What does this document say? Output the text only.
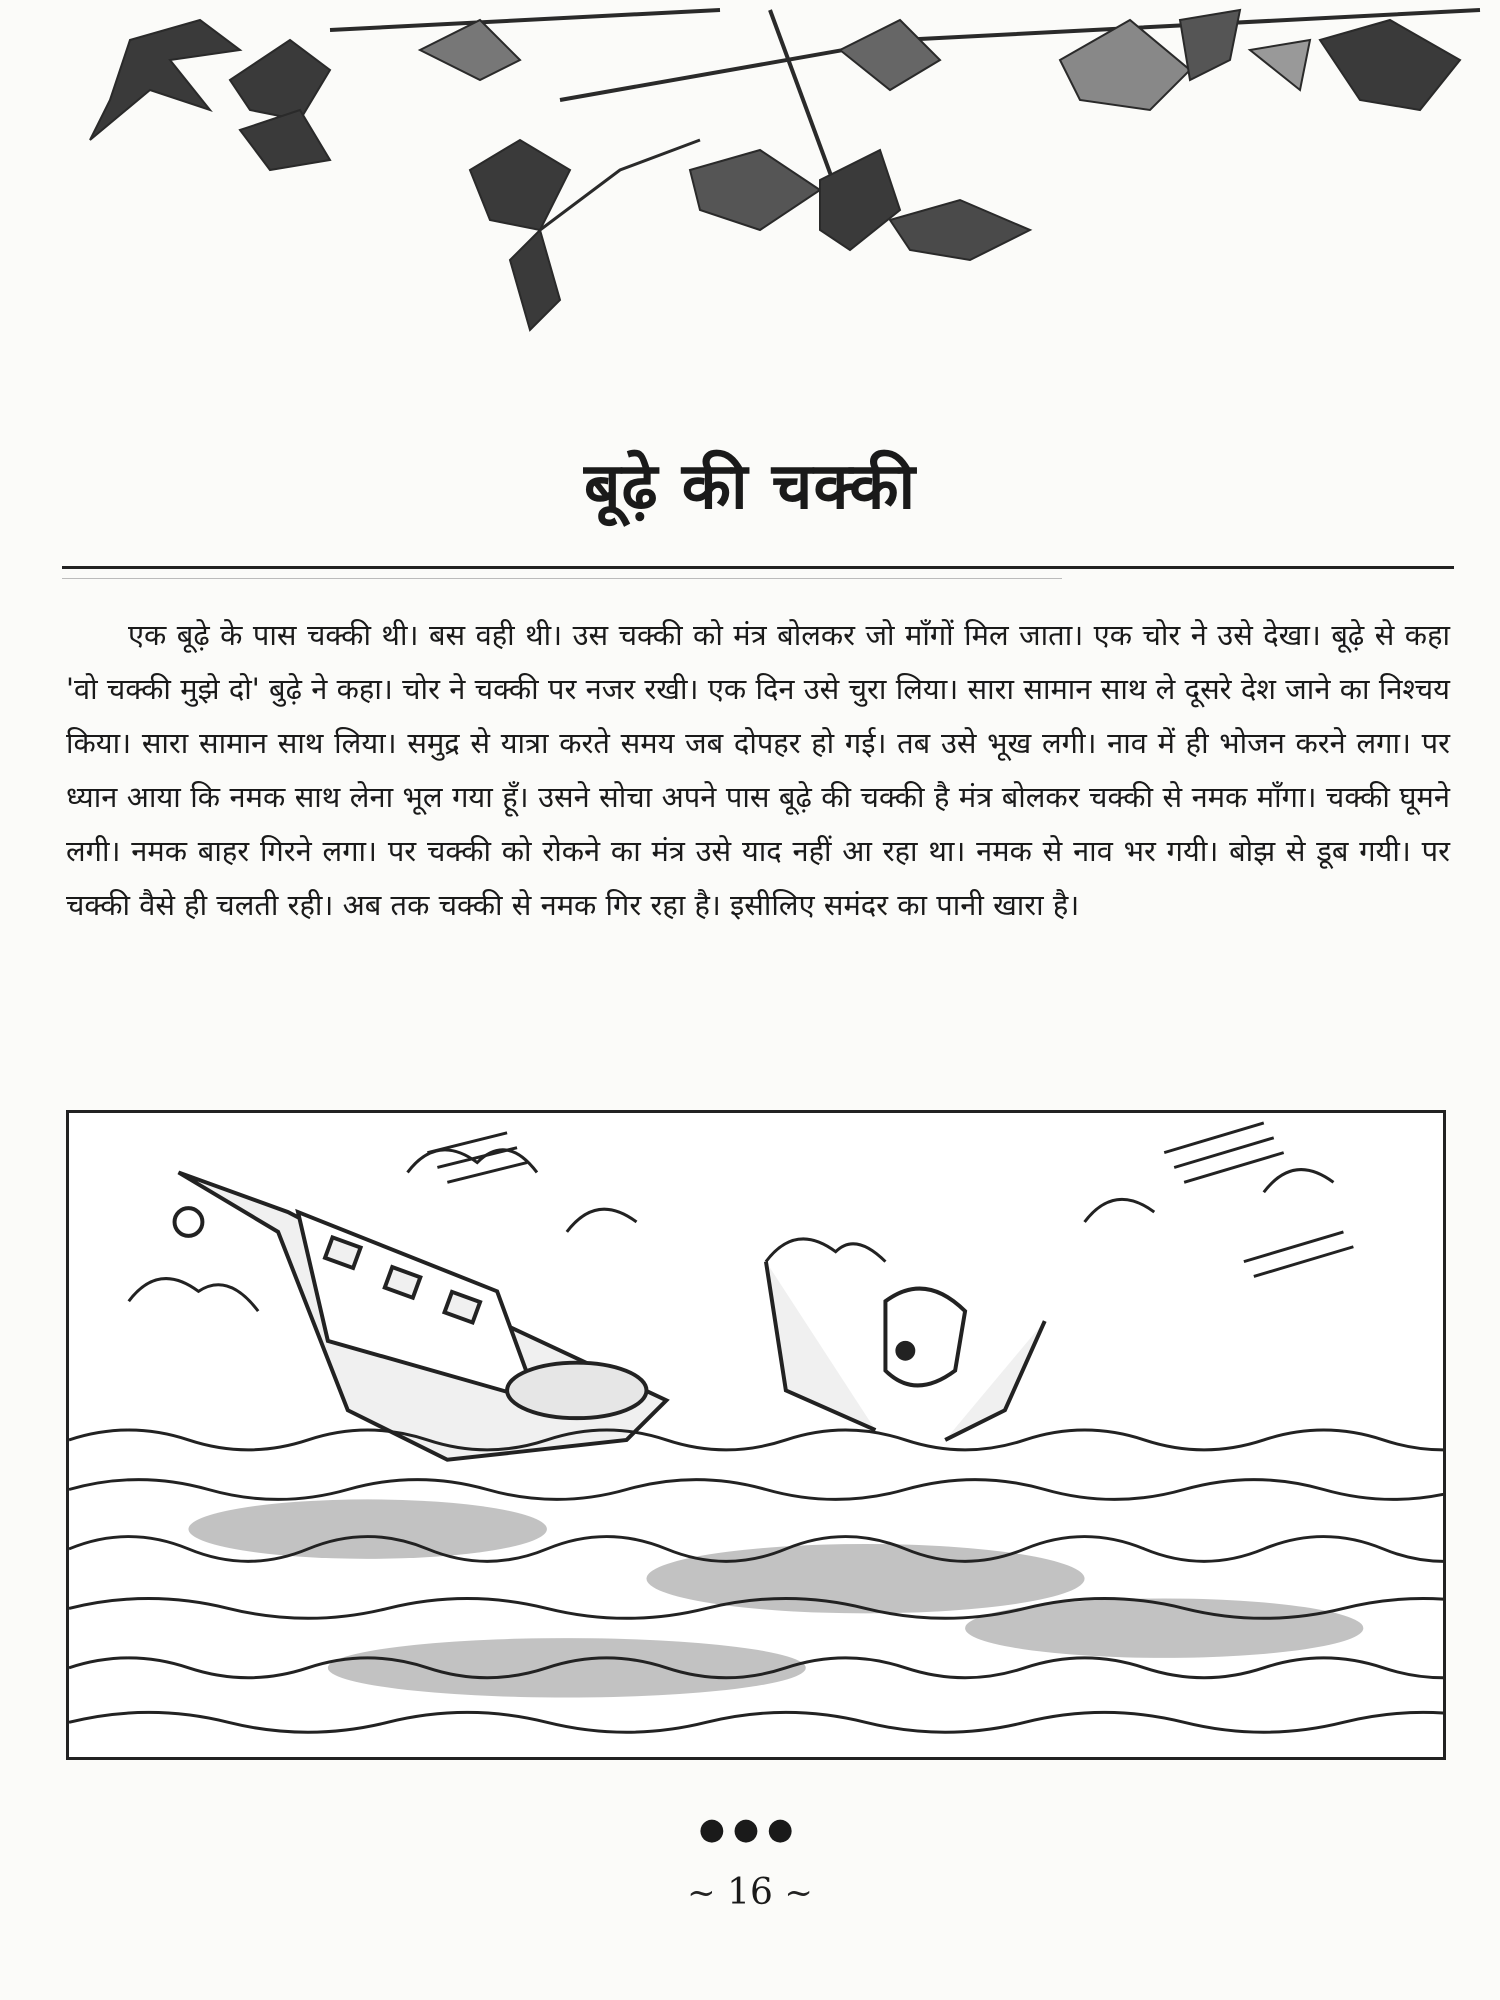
बूढ़े की चक्की

एक बूढ़े के पास चक्की थी। बस वही थी। उस चक्की को मंत्र बोलकर जो माँगों मिल जाता। एक चोर ने उसे देखा। बूढ़े से कहा 'वो चक्की मुझे दो' बुढ़े ने कहा। चोर ने चक्की पर नजर रखी। एक दिन उसे चुरा लिया। सारा सामान साथ ले दूसरे देश जाने का निश्चय किया। सारा सामान साथ लिया। समुद्र से यात्रा करते समय जब दोपहर हो गई। तब उसे भूख लगी। नाव में ही भोजन करने लगा। पर ध्यान आया कि नमक साथ लेना भूल गया हूँ। उसने सोचा अपने पास बूढ़े की चक्की है मंत्र बोलकर चक्की से नमक माँगा। चक्की घूमने लगी। नमक बाहर गिरने लगा। पर चक्की को रोकने का मंत्र उसे याद नहीं आ रहा था। नमक से नाव भर गयी। बोझ से डूब गयी। पर चक्की वैसे ही चलती रही। अब तक चक्की से नमक गिर रहा है। इसीलिए समंदर का पानी खारा है।

●●●
~ 16 ~
